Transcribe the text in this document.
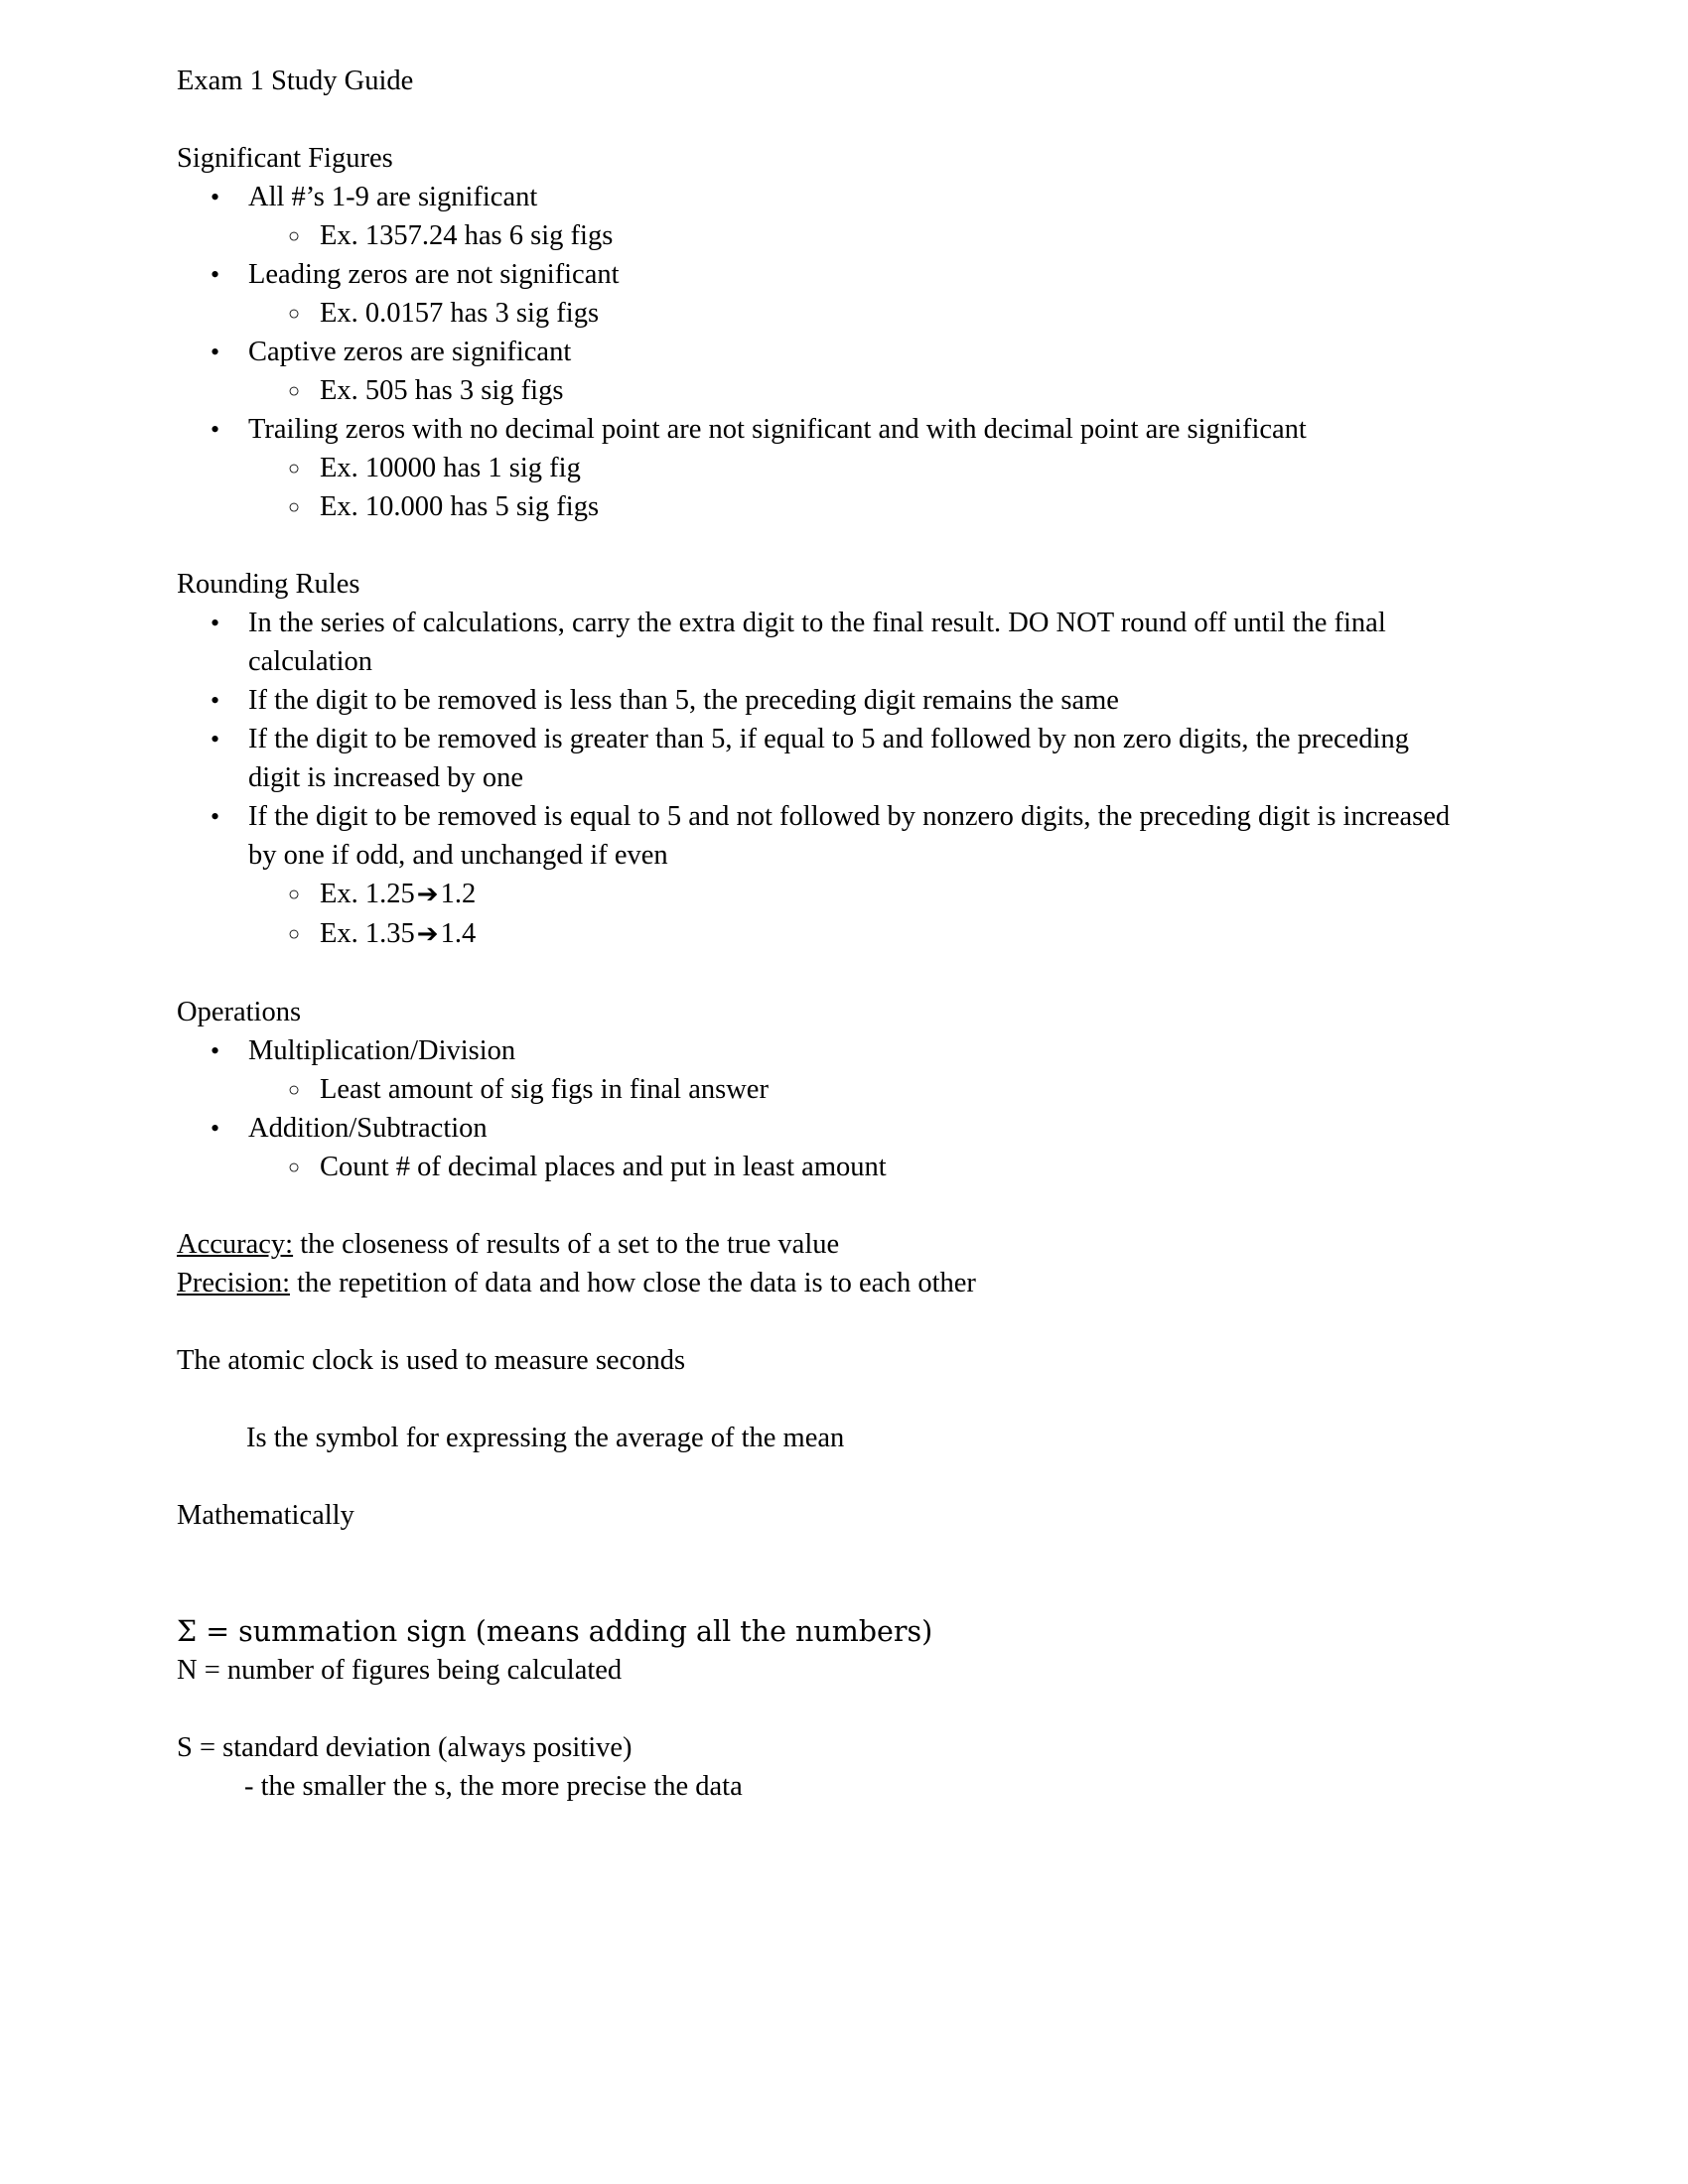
Exam 1 Study Guide
Significant Figures
• All #’s 1-9 are significant
○ Ex. 1357.24 has 6 sig figs
• Leading zeros are not significant
○ Ex. 0.0157 has 3 sig figs
• Captive zeros are significant
○ Ex. 505 has 3 sig figs
• Trailing zeros with no decimal point are not significant and with decimal point are significant
○ Ex. 10000 has 1 sig fig
○ Ex. 10.000 has 5 sig figs
Rounding Rules
• In the series of calculations, carry the extra digit to the final result. DO NOT round off until the final calculation
• If the digit to be removed is less than 5, the preceding digit remains the same
• If the digit to be removed is greater than 5, if equal to 5 and followed by non zero digits, the preceding digit is increased by one
• If the digit to be removed is equal to 5 and not followed by nonzero digits, the preceding digit is increased by one if odd, and unchanged if even
○ Ex. 1.25➔1.2
○ Ex. 1.35➔1.4
Operations
• Multiplication/Division
○ Least amount of sig figs in final answer
• Addition/Subtraction
○ Count # of decimal places and put in least amount
Accuracy: the closeness of results of a set to the true value
Precision: the repetition of data and how close the data is to each other
The atomic clock is used to measure seconds
Is the symbol for expressing the average of the mean
Mathematically
Σ = summation sign (means adding all the numbers)
N = number of figures being calculated
S = standard deviation (always positive)
- the smaller the s, the more precise the data
